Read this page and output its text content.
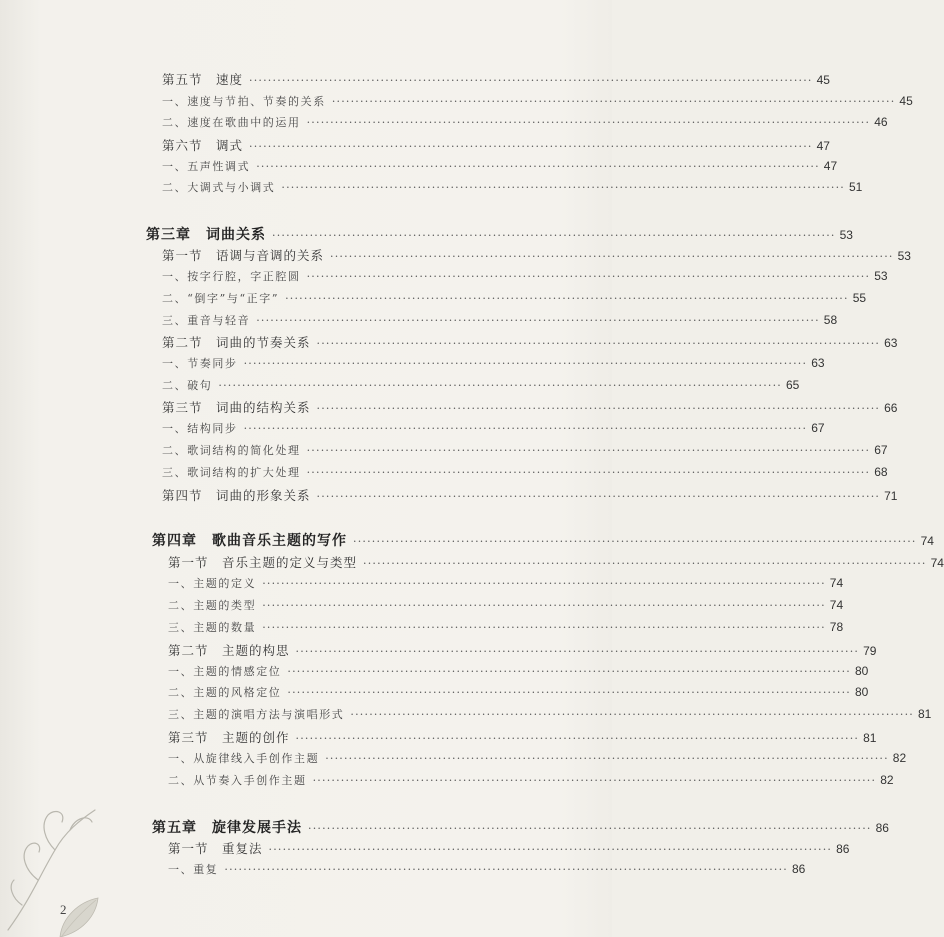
第五节　速度 ························································································································ 45
一、速度与节拍、节奏的关系 ························································································································ 45
二、速度在歌曲中的运用 ························································································································ 46
第六节　调式 ························································································································ 47
一、五声性调式 ························································································································ 47
二、大调式与小调式 ························································································································ 51
第三章　词曲关系 ························································································································ 53
第一节　语调与音调的关系 ························································································································ 53
一、按字行腔，字正腔圆 ························································································································ 53
二、“倒字”与“正字” ························································································································ 55
三、重音与轻音 ························································································································ 58
第二节　词曲的节奏关系 ························································································································ 63
一、节奏同步 ························································································································ 63
二、破句 ························································································································ 65
第三节　词曲的结构关系 ························································································································ 66
一、结构同步 ························································································································ 67
二、歌词结构的简化处理 ························································································································ 67
三、歌词结构的扩大处理 ························································································································ 68
第四节　词曲的形象关系 ························································································································ 71
第四章　歌曲音乐主题的写作 ························································································································ 74
第一节　音乐主题的定义与类型 ························································································································ 74
一、主题的定义 ························································································································ 74
二、主题的类型 ························································································································ 74
三、主题的数量 ························································································································ 78
第二节　主题的构思 ························································································································ 79
一、主题的情感定位 ························································································································ 80
二、主题的风格定位 ························································································································ 80
三、主题的演唱方法与演唱形式 ························································································································ 81
第三节　主题的创作 ························································································································ 81
一、从旋律线入手创作主题 ························································································································ 82
二、从节奏入手创作主题 ························································································································ 82
第五章　旋律发展手法 ························································································································ 86
第一节　重复法 ························································································································ 86
一、重复 ························································································································ 86
2
